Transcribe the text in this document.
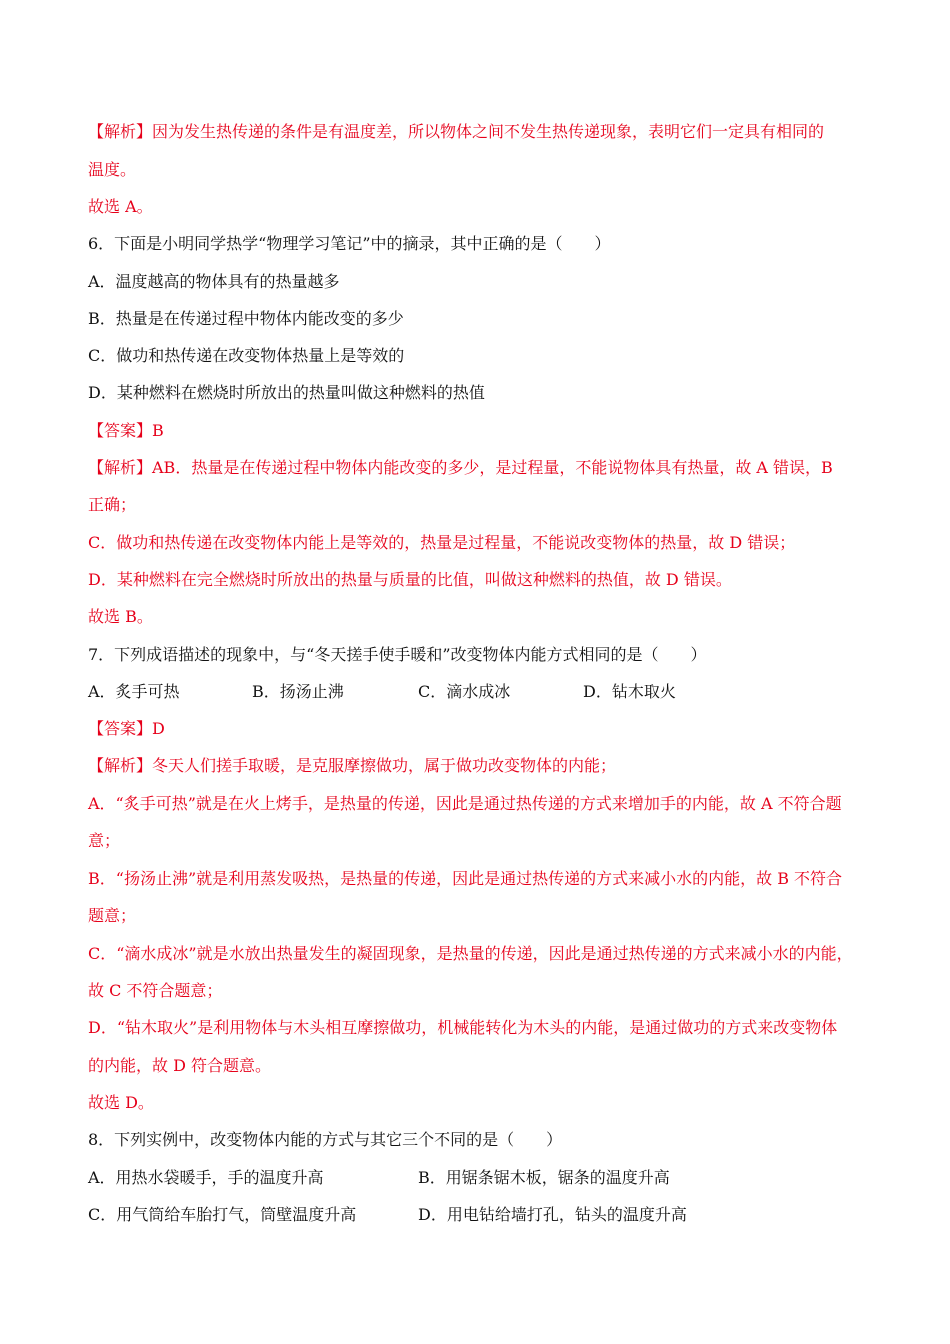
【解析】因为发生热传递的条件是有温度差，所以物体之间不发生热传递现象，表明它们一定具有相同的
温度。
故选 A。
6．下面是小明同学热学“物理学习笔记”中的摘录，其中正确的是（　　）
A．温度越高的物体具有的热量越多
B．热量是在传递过程中物体内能改变的多少
C．做功和热传递在改变物体热量上是等效的
D．某种燃料在燃烧时所放出的热量叫做这种燃料的热值
【答案】B
【解析】AB．热量是在传递过程中物体内能改变的多少，是过程量，不能说物体具有热量，故 A 错误，B
正确；
C．做功和热传递在改变物体内能上是等效的，热量是过程量，不能说改变物体的热量，故 D 错误；
D．某种燃料在完全燃烧时所放出的热量与质量的比值，叫做这种燃料的热值，故 D 错误。
故选 B。
7．下列成语描述的现象中，与“冬天搓手使手暖和”改变物体内能方式相同的是（　　）
A．炙手可热	B．扬汤止沸	C．滴水成冰	D．钻木取火
【答案】D
【解析】冬天人们搓手取暖，是克服摩擦做功，属于做功改变物体的内能；
A．“炙手可热”就是在火上烤手，是热量的传递，因此是通过热传递的方式来增加手的内能，故 A 不符合题
意；
B．“扬汤止沸”就是利用蒸发吸热，是热量的传递，因此是通过热传递的方式来减小水的内能，故 B 不符合
题意；
C．“滴水成冰”就是水放出热量发生的凝固现象，是热量的传递，因此是通过热传递的方式来减小水的内能，
故 C 不符合题意；
D．“钻木取火”是利用物体与木头相互摩擦做功，机械能转化为木头的内能，是通过做功的方式来改变物体
的内能，故 D 符合题意。
故选 D。
8．下列实例中，改变物体内能的方式与其它三个不同的是（　　）
A．用热水袋暖手，手的温度升高	B．用锯条锯木板，锯条的温度升高
C．用气筒给车胎打气，筒壁温度升高	D．用电钻给墙打孔，钻头的温度升高
